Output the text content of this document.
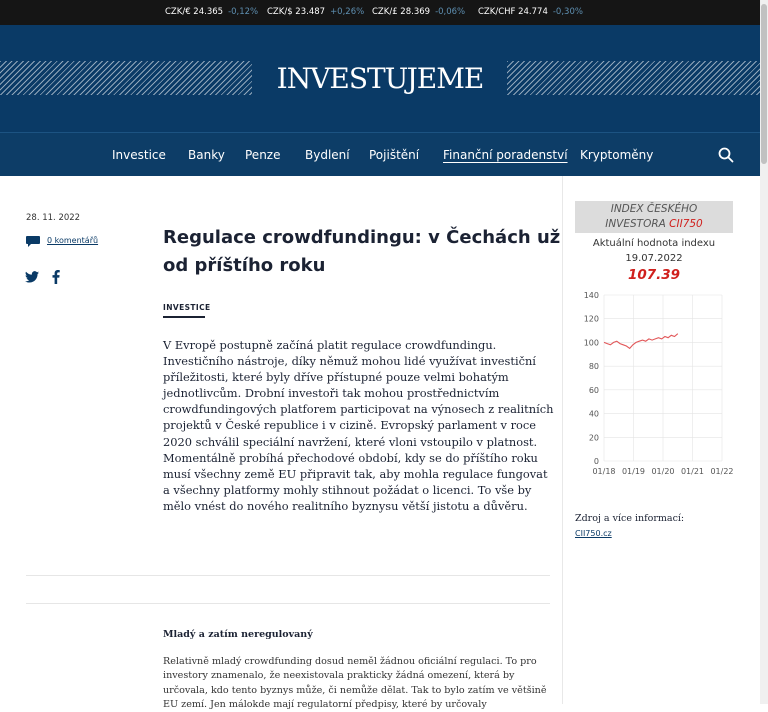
CZK/€ 24.365 -0,12% CZK/$ 23.487 +0,26% CZK/£ 28.369 -0,06% CZK/CHF 24.774 -0,30%
INVESTUJEME
Investice Banky Penze Bydlení Pojištění Finanční poradenství Kryptoměny
28. 11. 2022
0 komentářů	Regulace crowdfundingu: v Čechách už od příštího roku
INVESTICE

V Evropě postupně začíná platit regulace crowdfundingu. Investičního nástroje, díky němuž mohou lidé využívat investiční příležitosti, které byly dříve přístupné pouze velmi bohatým jednotlivcům. Drobní investoři tak mohou prostřednictvím crowdfundingových platforem participovat na výnosech z realitních projektů v České republice i v cizině. Evropský parlament v roce 2020 schválil speciální navržení, které vloni vstoupilo v platnost. Momentálně probíhá přechodové období, kdy se do příštího roku musí všechny země EU připravit tak, aby mohla regulace fungovat a všechny platformy mohly stihnout požádat o licenci. To vše by mělo vnést do nového realitního byznysu větší jistotu a důvěru.

Mladý a zatím neregulovaný

Relativně mladý crowdfunding dosud neměl žádnou oficiální regulaci. To pro investory znamenalo, že neexistovala prakticky žádná omezení, která by určovala, kdo tento byznys může, či nemůže dělat. Tak to bylo zatím ve většině EU zemí. Jen málokde mají regulatorní předpisy, které by určovaly

INDEX ČESKÉHO
INVESTORA CII750
Aktuální hodnota indexu
19.07.2022
107.39
0
20
40
60
80
100
120
140
01/18 01/19 01/20 01/21 01/22
Zdroj a více informací:
CII750.cz
